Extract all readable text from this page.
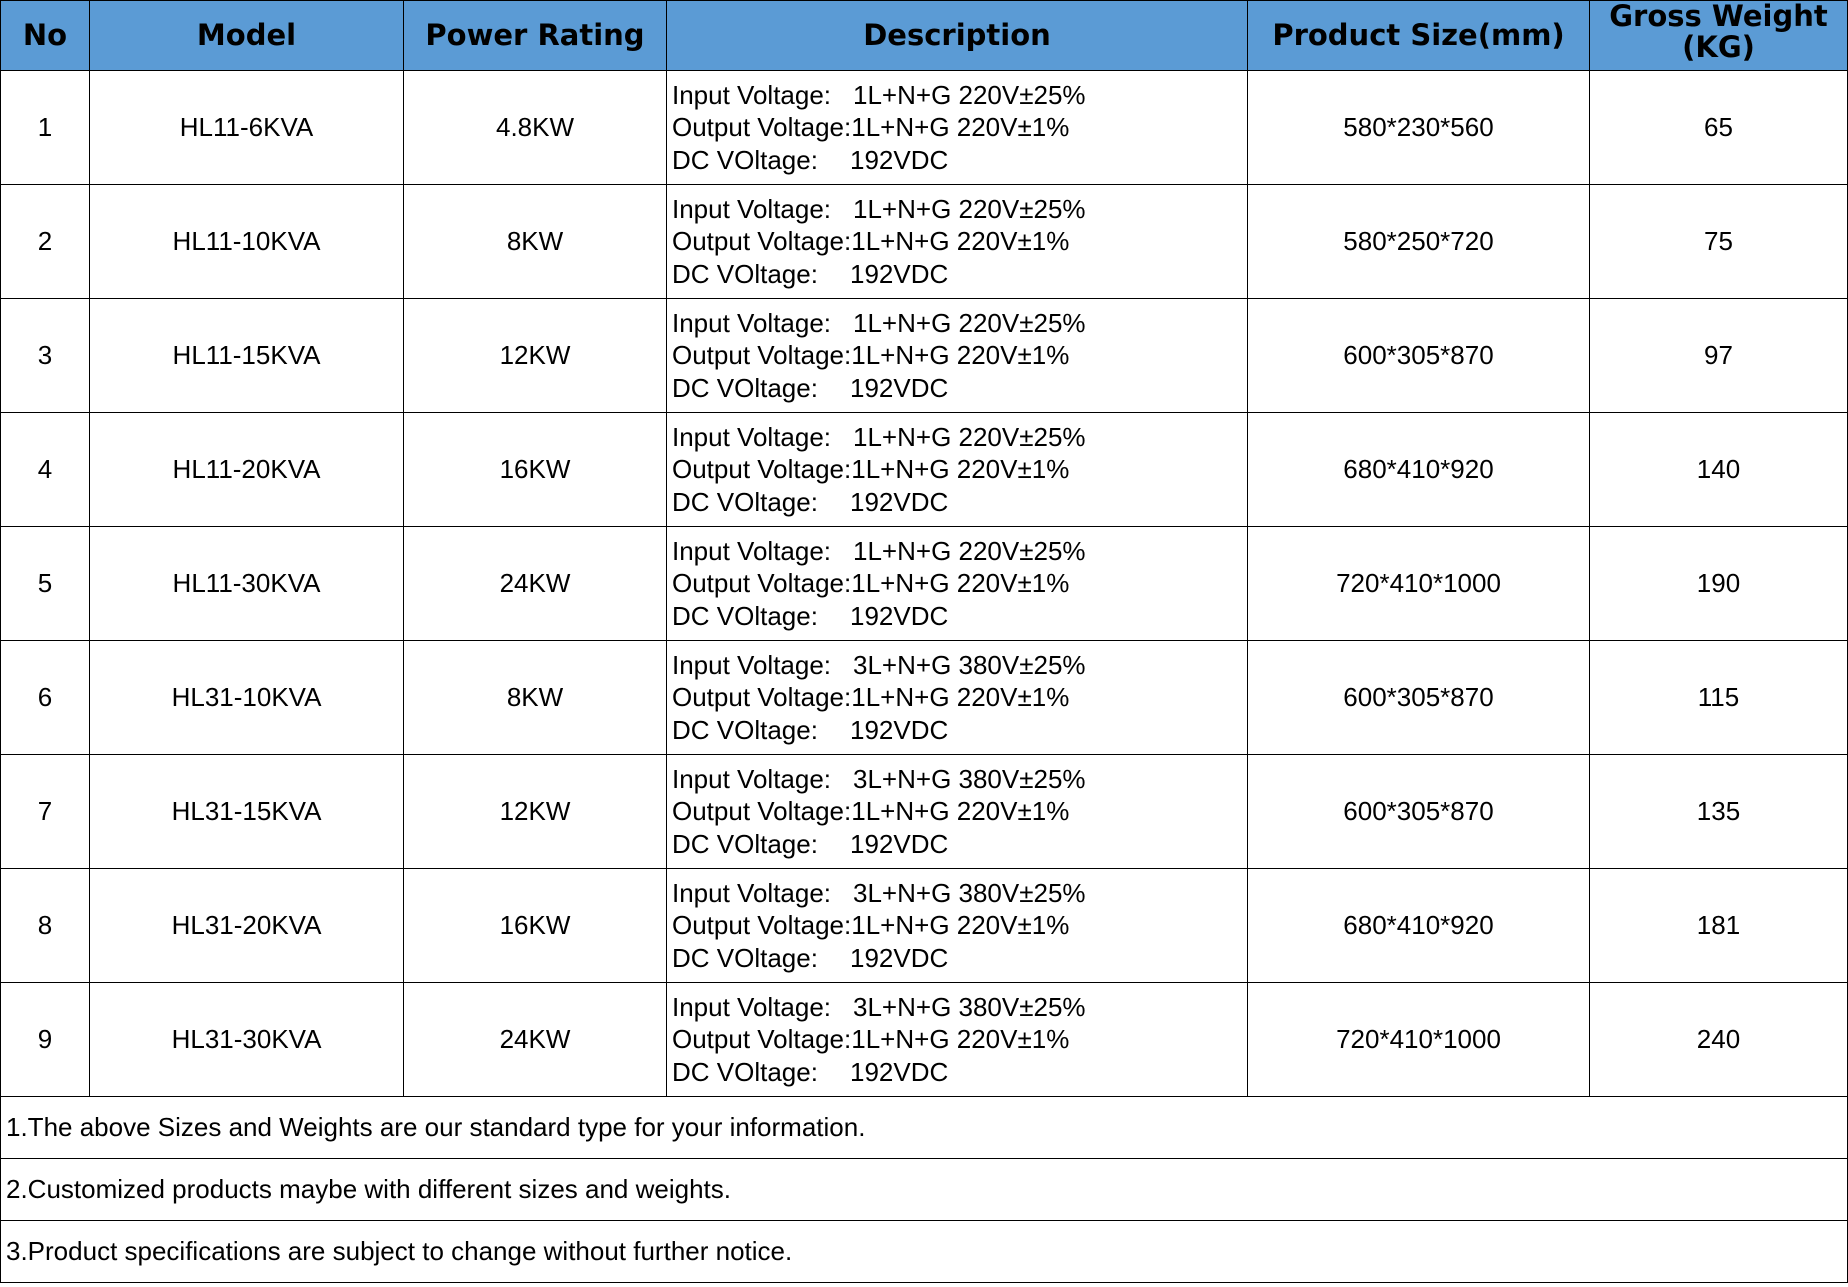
No	Model	Power Rating	Description	Product Size(mm)	Gross Weight (KG)
1	HL11-6KVA	4.8KW	Input Voltage: 1L+N+G 220V±25%
Output Voltage:1L+N+G 220V±1%
DC VOltage: 192VDC	580*230*560	65
2	HL11-10KVA	8KW	Input Voltage: 1L+N+G 220V±25%
Output Voltage:1L+N+G 220V±1%
DC VOltage: 192VDC	580*250*720	75
3	HL11-15KVA	12KW	Input Voltage: 1L+N+G 220V±25%
Output Voltage:1L+N+G 220V±1%
DC VOltage: 192VDC	600*305*870	97
4	HL11-20KVA	16KW	Input Voltage: 1L+N+G 220V±25%
Output Voltage:1L+N+G 220V±1%
DC VOltage: 192VDC	680*410*920	140
5	HL11-30KVA	24KW	Input Voltage: 1L+N+G 220V±25%
Output Voltage:1L+N+G 220V±1%
DC VOltage: 192VDC	720*410*1000	190
6	HL31-10KVA	8KW	Input Voltage: 3L+N+G 380V±25%
Output Voltage:1L+N+G 220V±1%
DC VOltage: 192VDC	600*305*870	115
7	HL31-15KVA	12KW	Input Voltage: 3L+N+G 380V±25%
Output Voltage:1L+N+G 220V±1%
DC VOltage: 192VDC	600*305*870	135
8	HL31-20KVA	16KW	Input Voltage: 3L+N+G 380V±25%
Output Voltage:1L+N+G 220V±1%
DC VOltage: 192VDC	680*410*920	181
9	HL31-30KVA	24KW	Input Voltage: 3L+N+G 380V±25%
Output Voltage:1L+N+G 220V±1%
DC VOltage: 192VDC	720*410*1000	240
1.The above Sizes and Weights are our standard type for your information.					
2.Customized products maybe with different sizes and weights.					
3.Product specifications are subject to change without further notice.					
